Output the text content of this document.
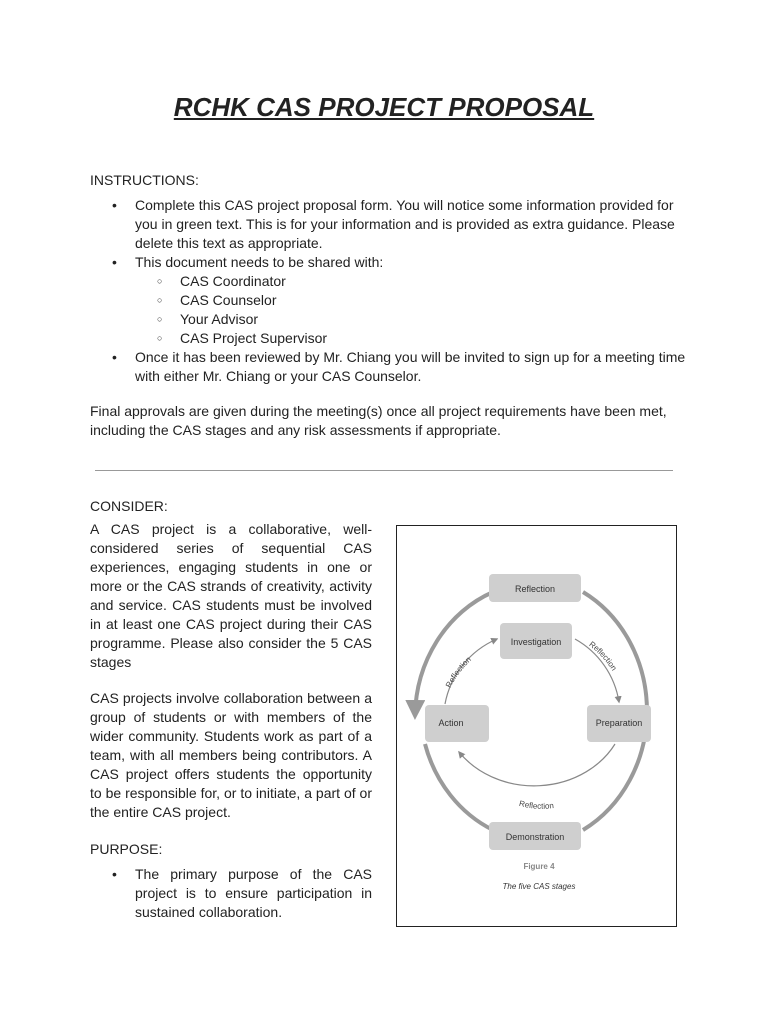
RCHK CAS PROJECT PROPOSAL
INSTRUCTIONS:
• Complete this CAS project proposal form. You will notice some information provided for
you in green text. This is for your information and is provided as extra guidance. Please
delete this text as appropriate.
• This document needs to be shared with:
○ CAS Coordinator
○ CAS Counselor
○ Your Advisor
○ CAS Project Supervisor
• Once it has been reviewed by Mr. Chiang you will be invited to sign up for a meeting time
with either Mr. Chiang or your CAS Counselor.
Final approvals are given during the meeting(s) once all project requirements have been met,
including the CAS stages and any risk assessments if appropriate.
CONSIDER:
A CAS project is a collaborative, well-considered series of sequential CAS experiences, engaging students in one or more or the CAS strands of creativity, activity and service. CAS students must be involved in at least one CAS project during their CAS programme. Please also consider the 5 CAS stages
CAS projects involve collaboration between a group of students or with members of the wider community. Students work as part of a team, with all members being contributors. A CAS project offers students the opportunity to be responsible for, or to initiate, a part of or the entire CAS project.
PURPOSE:
• The primary purpose of the CAS project is to ensure participation in sustained collaboration.
Reflection
Investigation
Action	Preparation
Demonstration
Reflection
Reflection
Reflection
Figure 4
The five CAS stages
